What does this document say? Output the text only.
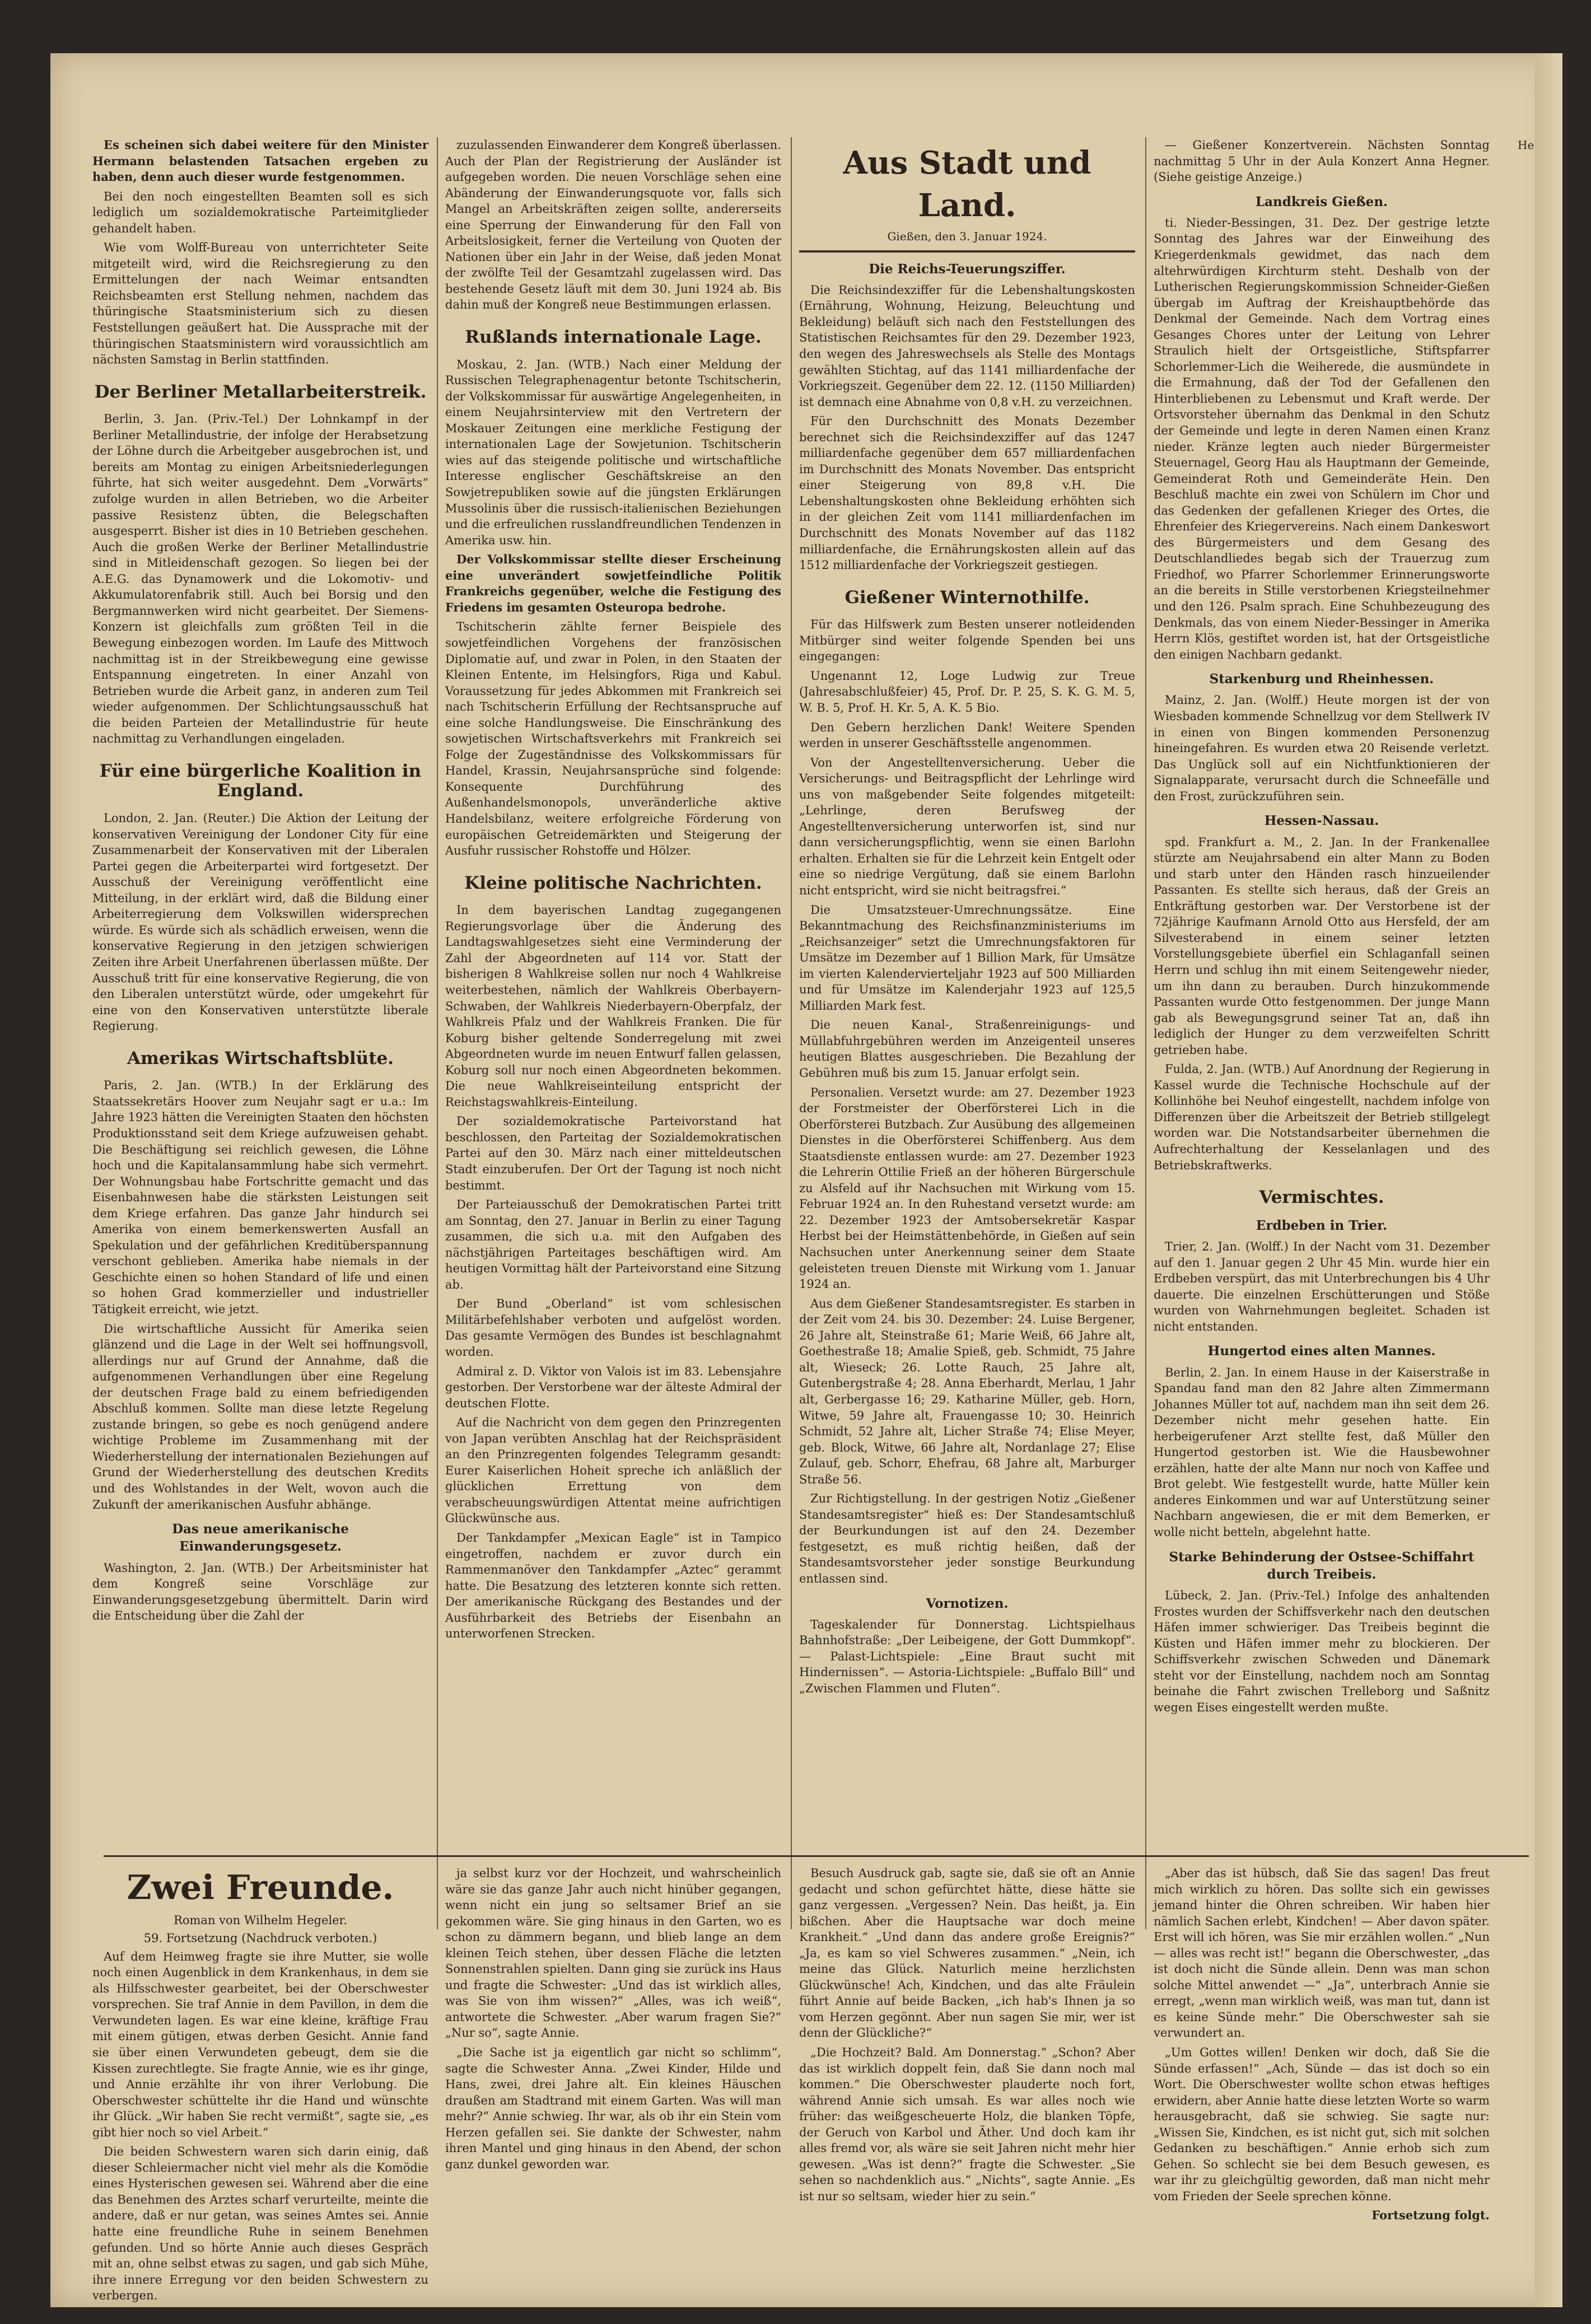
Es scheinen sich dabei weitere für den Minister Hermann belastenden Tatsachen ergeben zu haben, denn auch dieser wurde festgenommen.

Bei den noch eingestellten Beamten soll es sich lediglich um sozialdemokratische Parteimitglieder gehandelt haben.

Wie vom Wolff-Bureau von unterrichteter Seite mitgeteilt wird, wird die Reichsregierung zu den Ermittelungen der nach Weimar entsandten Reichsbeamten erst Stellung nehmen, nachdem das thüringische Staatsministerium sich zu diesen Feststellungen geäußert hat. Die Aussprache mit der thüringischen Staatsministern wird voraussichtlich am nächsten Samstag in Berlin stattfinden.

Der Berliner Metallarbeiterstreik.

Berlin, 3. Jan. (Priv.-Tel.) Der Lohnkampf in der Berliner Metallindustrie, der infolge der Herabsetzung der Löhne durch die Arbeitgeber ausgebrochen ist, und bereits am Montag zu einigen Arbeitsniederlegungen führte, hat sich weiter ausgedehnt. Dem „Vorwärts“ zufolge wurden in allen Betrieben, wo die Arbeiter passive Resistenz übten, die Belegschaften ausgesperrt. Bisher ist dies in 10 Betrieben geschehen. Auch die großen Werke der Berliner Metallindustrie sind in Mitleidenschaft gezogen. So liegen bei der A.E.G. das Dynamowerk und die Lokomotiv- und Akkumulatorenfabrik still. Auch bei Borsig und den Bergmannwerken wird nicht gearbeitet. Der Siemens-Konzern ist gleichfalls zum größten Teil in die Bewegung einbezogen worden. Im Laufe des Mittwoch nachmittag ist in der Streikbewegung eine gewisse Entspannung eingetreten. In einer Anzahl von Betrieben wurde die Arbeit ganz, in anderen zum Teil wieder aufgenommen. Der Schlichtungsausschuß hat die beiden Parteien der Metallindustrie für heute nachmittag zu Verhandlungen eingeladen.

Für eine bürgerliche Koalition in England.

London, 2. Jan. (Reuter.) Die Aktion der Leitung der konservativen Vereinigung der Londoner City für eine Zusammenarbeit der Konservativen mit der Liberalen Partei gegen die Arbeiterpartei wird fortgesetzt. Der Ausschuß der Vereinigung veröffentlicht eine Mitteilung, in der erklärt wird, daß die Bildung einer Arbeiterregierung dem Volkswillen widersprechen würde. Es würde sich als schädlich erweisen, wenn die konservative Regierung in den jetzigen schwierigen Zeiten ihre Arbeit Unerfahrenen überlassen müßte. Der Ausschuß tritt für eine konservative Regierung, die von den Liberalen unterstützt würde, oder umgekehrt für eine von den Konservativen unterstützte liberale Regierung.

Amerikas Wirtschaftsblüte.

Paris, 2. Jan. (WTB.) In der Erklärung des Staatssekretärs Hoover zum Neujahr sagt er u.a.: Im Jahre 1923 hätten die Vereinigten Staaten den höchsten Produktionsstand seit dem Kriege aufzuweisen gehabt. Die Beschäftigung sei reichlich gewesen, die Löhne hoch und die Kapitalansammlung habe sich vermehrt. Der Wohnungsbau habe Fortschritte gemacht und das Eisenbahnwesen habe die stärksten Leistungen seit dem Kriege erfahren. Das ganze Jahr hindurch sei Amerika von einem bemerkenswerten Ausfall an Spekulation und der gefährlichen Kreditüberspannung verschont geblieben. Amerika habe niemals in der Geschichte einen so hohen Standard of life und einen so hohen Grad kommerzieller und industrieller Tätigkeit erreicht, wie jetzt.

Die wirtschaftliche Aussicht für Amerika seien glänzend und die Lage in der Welt sei hoffnungsvoll, allerdings nur auf Grund der Annahme, daß die aufgenommenen Verhandlungen über eine Regelung der deutschen Frage bald zu einem befriedigenden Abschluß kommen. Sollte man diese letzte Regelung zustande bringen, so gebe es noch genügend andere wichtige Probleme im Zusammenhang mit der Wiederherstellung der internationalen Beziehungen auf Grund der Wiederherstellung des deutschen Kredits und des Wohlstandes in der Welt, wovon auch die Zukunft der amerikanischen Ausfuhr abhänge.

Das neue amerikanische Einwanderungsgesetz.

Washington, 2. Jan. (WTB.) Der Arbeitsminister hat dem Kongreß seine Vorschläge zur Einwanderungsgesetzgebung übermittelt. Darin wird die Entscheidung über die Zahl der

zuzulassenden Einwanderer dem Kongreß überlassen. Auch der Plan der Registrierung der Ausländer ist aufgegeben worden. Die neuen Vorschläge sehen eine Abänderung der Einwanderungsquote vor, falls sich Mangel an Arbeitskräften zeigen sollte, andererseits eine Sperrung der Einwanderung für den Fall von Arbeitslosigkeit, ferner die Verteilung von Quoten der Nationen über ein Jahr in der Weise, daß jeden Monat der zwölfte Teil der Gesamtzahl zugelassen wird. Das bestehende Gesetz läuft mit dem 30. Juni 1924 ab. Bis dahin muß der Kongreß neue Bestimmungen erlassen.

Rußlands internationale Lage.

Moskau, 2. Jan. (WTB.) Nach einer Meldung der Russischen Telegraphenagentur betonte Tschitscherin, der Volkskommissar für auswärtige Angelegenheiten, in einem Neujahrsinterview mit den Vertretern der Moskauer Zeitungen eine merkliche Festigung der internationalen Lage der Sowjetunion. Tschitscherin wies auf das steigende politische und wirtschaftliche Interesse englischer Geschäftskreise an den Sowjetrepubliken sowie auf die jüngsten Erklärungen Mussolinis über die russisch-italienischen Beziehungen und die erfreulichen russlandfreundlichen Tendenzen in Amerika usw. hin.

Der Volkskommissar stellte dieser Erscheinung eine unverändert sowjetfeindliche Politik Frankreichs gegenüber, welche die Festigung des Friedens im gesamten Osteuropa bedrohe.

Tschitscherin zählte ferner Beispiele des sowjetfeindlichen Vorgehens der französischen Diplomatie auf, und zwar in Polen, in den Staaten der Kleinen Entente, im Helsingfors, Riga und Kabul. Voraussetzung für jedes Abkommen mit Frankreich sei nach Tschitscherin Erfüllung der Rechtsanspruche auf eine solche Handlungsweise. Die Einschränkung des sowjetischen Wirtschaftsverkehrs mit Frankreich sei Folge der Zugeständnisse des Volkskommissars für Handel, Krassin, Neujahrsansprüche sind folgende: Konsequente Durchführung des Außenhandelsmonopols, unveränderliche aktive Handelsbilanz, weitere erfolgreiche Förderung von europäischen Getreidemärkten und Steigerung der Ausfuhr russischer Rohstoffe und Hölzer.

Kleine politische Nachrichten.

In dem bayerischen Landtag zugegangenen Regierungsvorlage über die Änderung des Landtagswahlgesetzes sieht eine Verminderung der Zahl der Abgeordneten auf 114 vor. Statt der bisherigen 8 Wahlkreise sollen nur noch 4 Wahlkreise weiterbestehen, nämlich der Wahlkreis Oberbayern-Schwaben, der Wahlkreis Niederbayern-Oberpfalz, der Wahlkreis Pfalz und der Wahlkreis Franken. Die für Koburg bisher geltende Sonderregelung mit zwei Abgeordneten wurde im neuen Entwurf fallen gelassen, Koburg soll nur noch einen Abgeordneten bekommen. Die neue Wahlkreiseinteilung entspricht der Reichstagswahlkreis-Einteilung.

Der sozialdemokratische Parteivorstand hat beschlossen, den Parteitag der Sozialdemokratischen Partei auf den 30. März nach einer mitteldeutschen Stadt einzuberufen. Der Ort der Tagung ist noch nicht bestimmt.

Der Parteiausschuß der Demokratischen Partei tritt am Sonntag, den 27. Januar in Berlin zu einer Tagung zusammen, die sich u.a. mit den Aufgaben des nächstjährigen Parteitages beschäftigen wird. Am heutigen Vormittag hält der Parteivorstand eine Sitzung ab.

Der Bund „Oberland“ ist vom schlesischen Militärbefehlshaber verboten und aufgelöst worden. Das gesamte Vermögen des Bundes ist beschlagnahmt worden.

Admiral z. D. Viktor von Valois ist im 83. Lebensjahre gestorben. Der Verstorbene war der älteste Admiral der deutschen Flotte.

Auf die Nachricht von dem gegen den Prinzregenten von Japan verübten Anschlag hat der Reichspräsident an den Prinzregenten folgendes Telegramm gesandt: Eurer Kaiserlichen Hoheit spreche ich anläßlich der glücklichen Errettung von dem verabscheuungswürdigen Attentat meine aufrichtigen Glückwünsche aus.

Der Tankdampfer „Mexican Eagle“ ist in Tampico eingetroffen, nachdem er zuvor durch ein Rammenmanöver den Tankdampfer „Aztec“ gerammt hatte. Die Besatzung des letzteren konnte sich retten. Der amerikanische Rückgang des Bestandes und der Ausführbarkeit des Betriebs der Eisenbahn an unterworfenen Strecken.

Aus Stadt und Land.
Gießen, den 3. Januar 1924.
Die Reichs-Teuerungsziffer.

Die Reichsindexziffer für die Lebenshaltungskosten (Ernährung, Wohnung, Heizung, Beleuchtung und Bekleidung) beläuft sich nach den Feststellungen des Statistischen Reichsamtes für den 29. Dezember 1923, den wegen des Jahreswechsels als Stelle des Montags gewählten Stichtag, auf das 1141 milliardenfache der Vorkriegszeit. Gegenüber dem 22. 12. (1150 Milliarden) ist demnach eine Abnahme von 0,8 v.H. zu verzeichnen.

Für den Durchschnitt des Monats Dezember berechnet sich die Reichsindexziffer auf das 1247 milliardenfache gegenüber dem 657 milliardenfachen im Durchschnitt des Monats November. Das entspricht einer Steigerung von 89,8 v.H. Die Lebenshaltungskosten ohne Bekleidung erhöhten sich in der gleichen Zeit vom 1141 milliardenfachen im Durchschnitt des Monats November auf das 1182 milliardenfache, die Ernährungskosten allein auf das 1512 milliardenfache der Vorkriegszeit gestiegen.

Gießener Winternothilfe.

Für das Hilfswerk zum Besten unserer notleidenden Mitbürger sind weiter folgende Spenden bei uns eingegangen:

Ungenannt 12, Loge Ludwig zur Treue (Jahresabschlußfeier) 45, Prof. Dr. P. 25, S. K. G. M. 5, W. B. 5, Prof. H. Kr. 5, A. K. 5 Bio.

Den Gebern herzlichen Dank! Weitere Spenden werden in unserer Geschäftsstelle angenommen.

Von der Angestelltenversicherung. Ueber die Versicherungs- und Beitragspflicht der Lehrlinge wird uns von maßgebender Seite folgendes mitgeteilt: „Lehrlinge, deren Berufsweg der Angestelltenversicherung unterworfen ist, sind nur dann versicherungspflichtig, wenn sie einen Barlohn erhalten. Erhalten sie für die Lehrzeit kein Entgelt oder eine so niedrige Vergütung, daß sie einem Barlohn nicht entspricht, wird sie nicht beitragsfrei.“

Die Umsatzsteuer-Umrechnungssätze. Eine Bekanntmachung des Reichsfinanzministeriums im „Reichsanzeiger“ setzt die Umrechnungsfaktoren für Umsätze im Dezember auf 1 Billion Mark, für Umsätze im vierten Kalendervierteljahr 1923 auf 500 Milliarden und für Umsätze im Kalenderjahr 1923 auf 125,5 Milliarden Mark fest.

Die neuen Kanal-, Straßenreinigungs- und Müllabfuhrgebühren werden im Anzeigenteil unseres heutigen Blattes ausgeschrieben. Die Bezahlung der Gebühren muß bis zum 15. Januar erfolgt sein.

Personalien. Versetzt wurde: am 27. Dezember 1923 der Forstmeister der Oberförsterei Lich in die Oberförsterei Butzbach. Zur Ausübung des allgemeinen Dienstes in die Oberförsterei Schiffenberg. Aus dem Staatsdienste entlassen wurde: am 27. Dezember 1923 die Lehrerin Ottilie Frieß an der höheren Bürgerschule zu Alsfeld auf ihr Nachsuchen mit Wirkung vom 15. Februar 1924 an. In den Ruhestand versetzt wurde: am 22. Dezember 1923 der Amtsobersekretär Kaspar Herbst bei der Heimstättenbehörde, in Gießen auf sein Nachsuchen unter Anerkennung seiner dem Staate geleisteten treuen Dienste mit Wirkung vom 1. Januar 1924 an.

Aus dem Gießener Standesamtsregister. Es starben in der Zeit vom 24. bis 30. Dezember: 24. Luise Bergener, 26 Jahre alt, Steinstraße 61; Marie Weiß, 66 Jahre alt, Goethestraße 18; Amalie Spieß, geb. Schmidt, 75 Jahre alt, Wieseck; 26. Lotte Rauch, 25 Jahre alt, Gutenbergstraße 4; 28. Anna Eberhardt, Merlau, 1 Jahr alt, Gerbergasse 16; 29. Katharine Müller, geb. Horn, Witwe, 59 Jahre alt, Frauengasse 10; 30. Heinrich Schmidt, 52 Jahre alt, Licher Straße 74; Elise Meyer, geb. Block, Witwe, 66 Jahre alt, Nordanlage 27; Elise Zulauf, geb. Schorr, Ehefrau, 68 Jahre alt, Marburger Straße 56.

Zur Richtigstellung. In der gestrigen Notiz „Gießener Standesamtsregister“ hieß es: Der Standesamtschluß der Beurkundungen ist auf den 24. Dezember festgesetzt, es muß richtig heißen, daß der Standesamtsvorsteher jeder sonstige Beurkundung entlassen sind.

Vornotizen.

Tageskalender für Donnerstag. Lichtspielhaus Bahnhofstraße: „Der Leibeigene, der Gott Dummkopf“. — Palast-Lichtspiele: „Eine Braut sucht mit Hindernissen“. — Astoria-Lichtspiele: „Buffalo Bill“ und „Zwischen Flammen und Fluten“.

— Gießener Konzertverein. Nächsten Sonntag nachmittag 5 Uhr in der Aula Konzert Anna Hegner. (Siehe geistige Anzeige.)

Landkreis Gießen.

ti. Nieder-Bessingen, 31. Dez. Der gestrige letzte Sonntag des Jahres war der Einweihung des Kriegerdenkmals gewidmet, das nach dem altehrwürdigen Kirchturm steht. Deshalb von der Lutherischen Regierungskommission Schneider-Gießen übergab im Auftrag der Kreishauptbehörde das Denkmal der Gemeinde. Nach dem Vortrag eines Gesanges Chores unter der Leitung von Lehrer Straulich hielt der Ortsgeistliche, Stiftspfarrer Schorlemmer-Lich die Weiherede, die ausmündete in die Ermahnung, daß der Tod der Gefallenen den Hinterbliebenen zu Lebensmut und Kraft werde. Der Ortsvorsteher übernahm das Denkmal in den Schutz der Gemeinde und legte in deren Namen einen Kranz nieder. Kränze legten auch nieder Bürgermeister Steuernagel, Georg Hau als Hauptmann der Gemeinde, Gemeinderat Roth und Gemeinderäte Hein. Den Beschluß machte ein zwei von Schülern im Chor und das Gedenken der gefallenen Krieger des Ortes, die Ehrenfeier des Kriegervereins. Nach einem Dankeswort des Bürgermeisters und dem Gesang des Deutschlandliedes begab sich der Trauerzug zum Friedhof, wo Pfarrer Schorlemmer Erinnerungsworte an die bereits in Stille verstorbenen Kriegsteilnehmer und den 126. Psalm sprach. Eine Schuhbezeugung des Denkmals, das von einem Nieder-Bessinger in Amerika Herrn Klös, gestiftet worden ist, hat der Ortsgeistliche den einigen Nachbarn gedankt.

Starkenburg und Rheinhessen.

Mainz, 2. Jan. (Wolff.) Heute morgen ist der von Wiesbaden kommende Schnellzug vor dem Stellwerk IV in einen von Bingen kommenden Personenzug hineingefahren. Es wurden etwa 20 Reisende verletzt. Das Unglück soll auf ein Nichtfunktionieren der Signalapparate, verursacht durch die Schneefälle und den Frost, zurückzuführen sein.

Hessen-Nassau.

spd. Frankfurt a. M., 2. Jan. In der Frankenallee stürzte am Neujahrsabend ein alter Mann zu Boden und starb unter den Händen rasch hinzueilender Passanten. Es stellte sich heraus, daß der Greis an Entkräftung gestorben war. Der Verstorbene ist der 72jährige Kaufmann Arnold Otto aus Hersfeld, der am Silvesterabend in einem seiner letzten Vorstellungsgebiete überfiel ein Schlaganfall seinen Herrn und schlug ihn mit einem Seitengewehr nieder, um ihn dann zu berauben. Durch hinzukommende Passanten wurde Otto festgenommen. Der junge Mann gab als Bewegungsgrund seiner Tat an, daß ihn lediglich der Hunger zu dem verzweifelten Schritt getrieben habe.

Fulda, 2. Jan. (WTB.) Auf Anordnung der Regierung in Kassel wurde die Technische Hochschule auf der Kollinhöhe bei Neuhof eingestellt, nachdem infolge von Differenzen über die Arbeitszeit der Betrieb stillgelegt worden war. Die Notstandsarbeiter übernehmen die Aufrechterhaltung der Kesselanlagen und des Betriebskraftwerks.

Vermischtes.
Erdbeben in Trier.

Trier, 2. Jan. (Wolff.) In der Nacht vom 31. Dezember auf den 1. Januar gegen 2 Uhr 45 Min. wurde hier ein Erdbeben verspürt, das mit Unterbrechungen bis 4 Uhr dauerte. Die einzelnen Erschütterungen und Stöße wurden von Wahrnehmungen begleitet. Schaden ist nicht entstanden.

Hungertod eines alten Mannes.

Berlin, 2. Jan. In einem Hause in der Kaiserstraße in Spandau fand man den 82 Jahre alten Zimmermann Johannes Müller tot auf, nachdem man ihn seit dem 26. Dezember nicht mehr gesehen hatte. Ein herbeigerufener Arzt stellte fest, daß Müller den Hungertod gestorben ist. Wie die Hausbewohner erzählen, hatte der alte Mann nur noch von Kaffee und Brot gelebt. Wie festgestellt wurde, hatte Müller kein anderes Einkommen und war auf Unterstützung seiner Nachbarn angewiesen, die er mit dem Bemerken, er wolle nicht betteln, abgelehnt hatte.

Starke Behinderung der Ostsee-Schiffahrt durch Treibeis.

Lübeck, 2. Jan. (Priv.-Tel.) Infolge des anhaltenden Frostes wurden der Schiffsverkehr nach den deutschen Häfen immer schwieriger. Das Treibeis beginnt die Küsten und Häfen immer mehr zu blockieren. Der Schiffsverkehr zwischen Schweden und Dänemark steht vor der Einstellung, nachdem noch am Sonntag beinahe die Fahrt zwischen Trelleborg und Saßnitz wegen Eises eingestellt werden mußte.

He
Zwei Freunde.
Roman von Wilhelm Hegeler.
59. Fortsetzung (Nachdruck verboten.)

Auf dem Heimweg fragte sie ihre Mutter, sie wolle noch einen Augenblick in dem Krankenhaus, in dem sie als Hilfsschwester gearbeitet, bei der Oberschwester vorsprechen. Sie traf Annie in dem Pavillon, in dem die Verwundeten lagen. Es war eine kleine, kräftige Frau mit einem gütigen, etwas derben Gesicht. Annie fand sie über einen Verwundeten gebeugt, dem sie die Kissen zurechtlegte. Sie fragte Annie, wie es ihr ginge, und Annie erzählte ihr von ihrer Verlobung. Die Oberschwester schüttelte ihr die Hand und wünschte ihr Glück. „Wir haben Sie recht vermißt“, sagte sie, „es gibt hier noch so viel Arbeit.“

Die beiden Schwestern waren sich darin einig, daß dieser Schleiermacher nicht viel mehr als die Komödie eines Hysterischen gewesen sei. Während aber die eine das Benehmen des Arztes scharf verurteilte, meinte die andere, daß er nur getan, was seines Amtes sei. Annie hatte eine freundliche Ruhe in seinem Benehmen gefunden. Und so hörte Annie auch dieses Gespräch mit an, ohne selbst etwas zu sagen, und gab sich Mühe, ihre innere Erregung vor den beiden Schwestern zu verbergen.

ja selbst kurz vor der Hochzeit, und wahrscheinlich wäre sie das ganze Jahr auch nicht hinüber gegangen, wenn nicht ein jung so seltsamer Brief an sie gekommen wäre. Sie ging hinaus in den Garten, wo es schon zu dämmern begann, und blieb lange an dem kleinen Teich stehen, über dessen Fläche die letzten Sonnenstrahlen spielten. Dann ging sie zurück ins Haus und fragte die Schwester: „Und das ist wirklich alles, was Sie von ihm wissen?“ „Alles, was ich weiß“, antwortete die Schwester. „Aber warum fragen Sie?“ „Nur so“, sagte Annie.

„Die Sache ist ja eigentlich gar nicht so schlimm“, sagte die Schwester Anna. „Zwei Kinder, Hilde und Hans, zwei, drei Jahre alt. Ein kleines Häuschen draußen am Stadtrand mit einem Garten. Was will man mehr?“ Annie schwieg. Ihr war, als ob ihr ein Stein vom Herzen gefallen sei. Sie dankte der Schwester, nahm ihren Mantel und ging hinaus in den Abend, der schon ganz dunkel geworden war.

Besuch Ausdruck gab, sagte sie, daß sie oft an Annie gedacht und schon gefürchtet hätte, diese hätte sie ganz vergessen. „Vergessen? Nein. Das heißt, ja. Ein bißchen. Aber die Hauptsache war doch meine Krankheit.“ „Und dann das andere große Ereignis?“ „Ja, es kam so viel Schweres zusammen.“ „Nein, ich meine das Glück. Naturlich meine herzlichsten Glückwünsche! Ach, Kindchen, und das alte Fräulein führt Annie auf beide Backen, „ich hab's Ihnen ja so vom Herzen gegönnt. Aber nun sagen Sie mir, wer ist denn der Glückliche?“

„Die Hochzeit? Bald. Am Donnerstag.“ „Schon? Aber das ist wirklich doppelt fein, daß Sie dann noch mal kommen.“ Die Oberschwester plauderte noch fort, während Annie sich umsah. Es war alles noch wie früher: das weißgescheuerte Holz, die blanken Töpfe, der Geruch von Karbol und Äther. Und doch kam ihr alles fremd vor, als wäre sie seit Jahren nicht mehr hier gewesen. „Was ist denn?“ fragte die Schwester. „Sie sehen so nachdenklich aus.“ „Nichts“, sagte Annie. „Es ist nur so seltsam, wieder hier zu sein.“

„Aber das ist hübsch, daß Sie das sagen! Das freut mich wirklich zu hören. Das sollte sich ein gewisses jemand hinter die Ohren schreiben. Wir haben hier nämlich Sachen erlebt, Kindchen! — Aber davon später. Erst will ich hören, was Sie mir erzählen wollen.“ „Nun — alles was recht ist!“ begann die Oberschwester, „das ist doch nicht die Sünde allein. Denn was man schon solche Mittel anwendet —“ „Ja“, unterbrach Annie sie erregt, „wenn man wirklich weiß, was man tut, dann ist es keine Sünde mehr.“ Die Oberschwester sah sie verwundert an.

„Um Gottes willen! Denken wir doch, daß Sie die Sünde erfassen!“ „Ach, Sünde — das ist doch so ein Wort. Die Oberschwester wollte schon etwas heftiges erwidern, aber Annie hatte diese letzten Worte so warm herausgebracht, daß sie schwieg. Sie sagte nur: „Wissen Sie, Kindchen, es ist nicht gut, sich mit solchen Gedanken zu beschäftigen.“ Annie erhob sich zum Gehen. So schlecht sie bei dem Besuch gewesen, es war ihr zu gleichgültig geworden, daß man nicht mehr vom Frieden der Seele sprechen könne.

Fortsetzung folgt.
